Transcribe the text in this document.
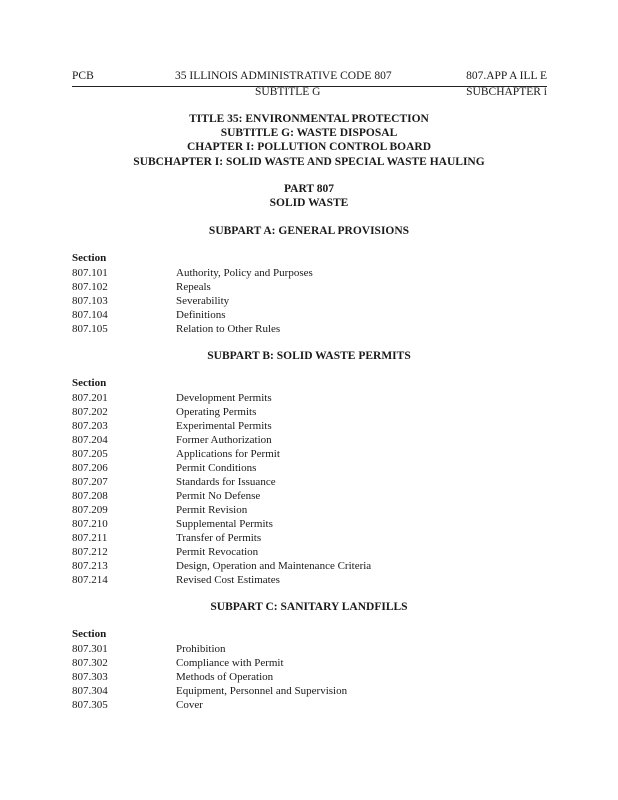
PCB	35 ILLINOIS ADMINISTRATIVE CODE 807	807.APP A ILL E
SUBTITLE G	SUBCHAPTER i
TITLE 35: ENVIRONMENTAL PROTECTION
SUBTITLE G: WASTE DISPOSAL
CHAPTER I: POLLUTION CONTROL BOARD
SUBCHAPTER I: SOLID WASTE AND SPECIAL WASTE HAULING
PART 807
SOLID WASTE
SUBPART A: GENERAL PROVISIONS
Section
807.101	Authority, Policy and Purposes
807.102	Repeals
807.103	Severability
807.104	Definitions
807.105	Relation to Other Rules
SUBPART B: SOLID WASTE PERMITS
Section
807.201	Development Permits
807.202	Operating Permits
807.203	Experimental Permits
807.204	Former Authorization
807.205	Applications for Permit
807.206	Permit Conditions
807.207	Standards for Issuance
807.208	Permit No Defense
807.209	Permit Revision
807.210	Supplemental Permits
807.211	Transfer of Permits
807.212	Permit Revocation
807.213	Design, Operation and Maintenance Criteria
807.214	Revised Cost Estimates
SUBPART C: SANITARY LANDFILLS
Section
807.301	Prohibition
807.302	Compliance with Permit
807.303	Methods of Operation
807.304	Equipment, Personnel and Supervision
807.305	Cover
